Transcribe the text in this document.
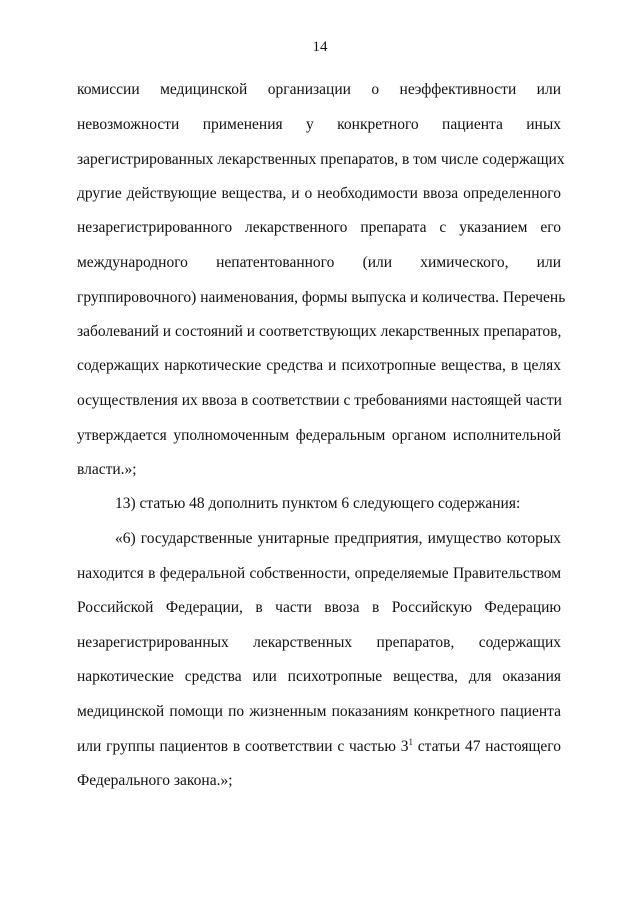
14
комиссии медицинской организации о неэффективности или
невозможности применения у конкретного пациента иных
зарегистрированных лекарственных препаратов, в том числе содержащих
другие действующие вещества, и о необходимости ввоза определенного
незарегистрированного лекарственного препарата с указанием его
международного непатентованного (или химического, или
группировочного) наименования, формы выпуска и количества. Перечень
заболеваний и состояний и соответствующих лекарственных препаратов,
содержащих наркотические средства и психотропные вещества, в целях
осуществления их ввоза в соответствии с требованиями настоящей части
утверждается уполномоченным федеральным органом исполнительной
власти.»;
13) статью 48 дополнить пунктом 6 следующего содержания:
«6) государственные унитарные предприятия, имущество которых
находится в федеральной собственности, определяемые Правительством
Российской Федерации, в части ввоза в Российскую Федерацию
незарегистрированных лекарственных препаратов, содержащих
наркотические средства или психотропные вещества, для оказания
медицинской помощи по жизненным показаниям конкретного пациента
или группы пациентов в соответствии с частью $3^1$ статьи 47 настоящего
Федерального закона.»;
